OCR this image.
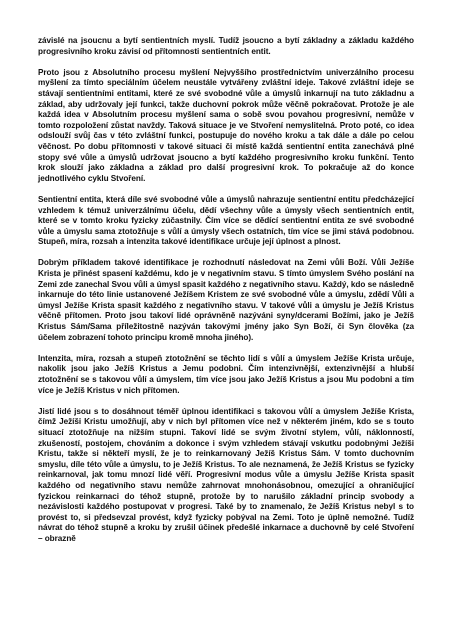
závislé na jsoucnu a bytí sentientních myslí. Tudíž jsoucno a bytí základny a základu každého progresivního kroku závisí od přítomnosti sentientních entit.

Proto jsou z Absolutního procesu myšlení Nejvyššího prostřednictvím univerzálního procesu myšlení za tímto speciálním účelem neustále vytvářeny zvláštní ideje. Takové zvláštní ideje se stávají sentientními entitami, které ze své svobodné vůle a úmyslů inkarnují na tuto základnu a základ, aby udržovaly její funkci, takže duchovní pokrok může věčně pokračovat. Protože je ale každá idea v Absolutním procesu myšlení sama o sobě svou povahou progresivní, nemůže v tomto rozpoložení zůstat navždy. Taková situace je ve Stvoření nemyslitelná. Proto poté, co idea odslouží svůj čas v této zvláštní funkci, postupuje do nového kroku a tak dále a dále po celou věčnost. Po dobu přítomnosti v takové situaci či místě každá sentientní entita zanechává plné stopy své vůle a úmyslů udržovat jsoucno a bytí každého progresivního kroku funkční. Tento krok slouží jako základna a základ pro další progresivní krok. To pokračuje až do konce jednotlivého cyklu Stvoření.

Sentientní entita, která díle své svobodné vůle a úmyslů nahrazuje sentientní entitu předcházející vzhledem k témuž univerzálnímu účelu, dědí všechny vůle a úmysly všech sentientních entit, které se v tomto kroku fyzicky zúčastnily. Čím více se dědící sentientní entita ze své svobodné vůle a úmyslu sama ztotožňuje s vůlí a úmysly všech ostatních, tím více se jimi stává podobnou. Stupeň, míra, rozsah a intenzita takové identifikace určuje její úplnost a plnost.

Dobrým příkladem takové identifikace je rozhodnutí následovat na Zemi vůli Boží. Vůli Ježíše Krista je přinést spasení každému, kdo je v negativním stavu. S tímto úmyslem Svého poslání na Zemi zde zanechal Svou vůli a úmysl spasit každého z negativního stavu. Každý, kdo se následně inkarnuje do této linie ustanovené Ježíšem Kristem ze své svobodné vůle a úmyslu, zdědí Vůli a úmysl Ježíše Krista spasit každého z negativního stavu. V takové vůli a úmyslu je Ježíš Kristus věčně přítomen. Proto jsou takoví lidé oprávněně nazýváni syny/dcerami Božími, jako je Ježíš Kristus Sám/Sama příležitostně nazýván takovými jmény jako Syn Boží, či Syn člověka (za účelem zobrazení tohoto principu kromě mnoha jiného).

Intenzita, míra, rozsah a stupeň ztotožnění se těchto lidí s vůlí a úmyslem Ježíše Krista určuje, nakolik jsou jako Ježíš Kristus a Jemu podobni. Čím intenzivnější, extenzivnější a hlubší ztotožnění se s takovou vůlí a úmyslem, tím více jsou jako Ježíš Kristus a jsou Mu podobni a tím více je Ježíš Kristus v nich přítomen.

Jistí lidé jsou s to dosáhnout téměř úplnou identifikaci s takovou vůlí a úmyslem Ježíše Krista, čímž Ježíši Kristu umožňují, aby v nich byl přítomen více než v některém jiném, kdo se s touto situací ztotožňuje na nižším stupni. Takoví lidé se svým životní stylem, vůlí, náklonností, zkušeností, postojem, chováním a dokonce i svým vzhledem stávají vskutku podobnými Ježíši Kristu, takže si někteří myslí, že je to reinkarnovaný Ježíš Kristus Sám. V tomto duchovním smyslu, díle této vůle a úmyslu, to je Ježíš Kristus. To ale neznamená, že Ježíš Kristus se fyzicky reinkarnoval, jak tomu mnozí lidé věří. Progresivní modus vůle a úmyslu Ježíše Krista spasit každého od negativního stavu nemůže zahrnovat mnohonásobnou, omezující a ohraničující fyzickou reinkarnaci do téhož stupně, protože by to narušilo základní princip svobody a nezávislosti každého postupovat v progresi. Také by to znamenalo, že Ježíš Kristus nebyl s to provést to, si předsevzal provést, když fyzicky pobýval na Zemi. Toto je úplně nemožné. Tudíž návrat do téhož stupně a kroku by zrušil účinek předešlé inkarnace a duchovně by celé Stvoření – obrazně
